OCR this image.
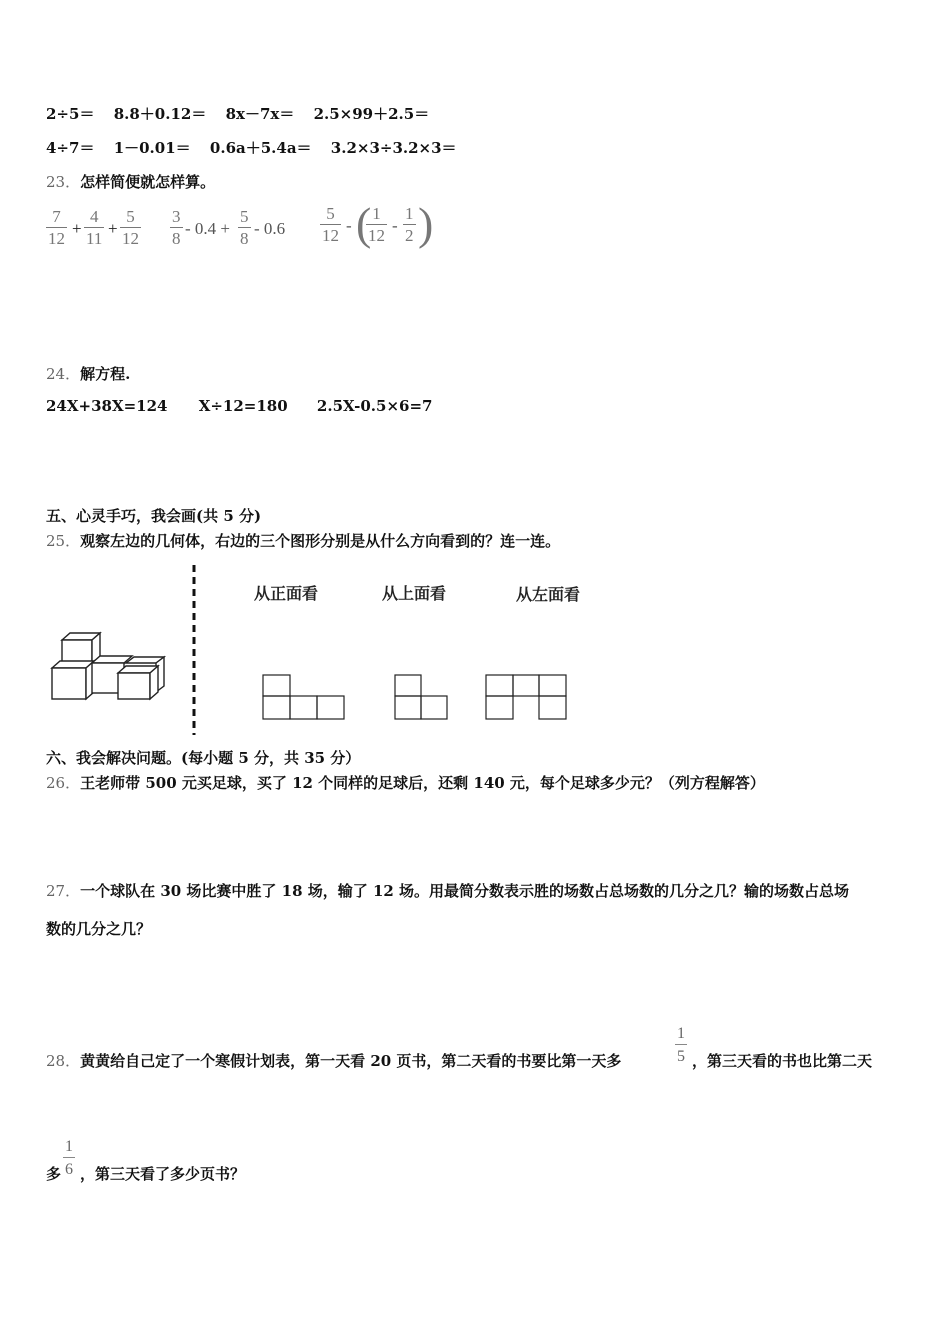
2÷5＝ 8.8＋0.12＝ 8x－7x＝ 2.5×99＋2.5＝
4÷7＝ 1－0.01＝ 0.6a＋5.4a＝ 3.2×3÷3.2×3＝
23．怎样简便就怎样算。
7
12
+
4
11
+
5
12
3
8
- 0.4 +
5
8
- 0.6
5
12
- ( 1
12
-
1
2 )
24．解方程.
24X+38X=124 X÷12=180 2.5X-0.5×6=7
五、心灵手巧，我会画(共 5 分)
25．观察左边的几何体，右边的三个图形分别是从什么方向看到的？连一连。
从正面看	从上面看	从左面看
六、我会解决问题。(每小题 5 分，共 35 分）
26．王老师带 500 元买足球，买了 12 个同样的足球后，还剩 140 元，每个足球多少元？（列方程解答）
27．一个球队在 30 场比赛中胜了 18 场，输了 12 场。用最简分数表示胜的场数占总场数的几分之几？输的场数占总场
数的几分之几？
28．黄黄给自己定了一个寒假计划表，第一天看 20 页书，第二天看的书要比第一天多
1
5 ，第三天看的书也比第二天
多
1
6 ，第三天看了多少页书？
